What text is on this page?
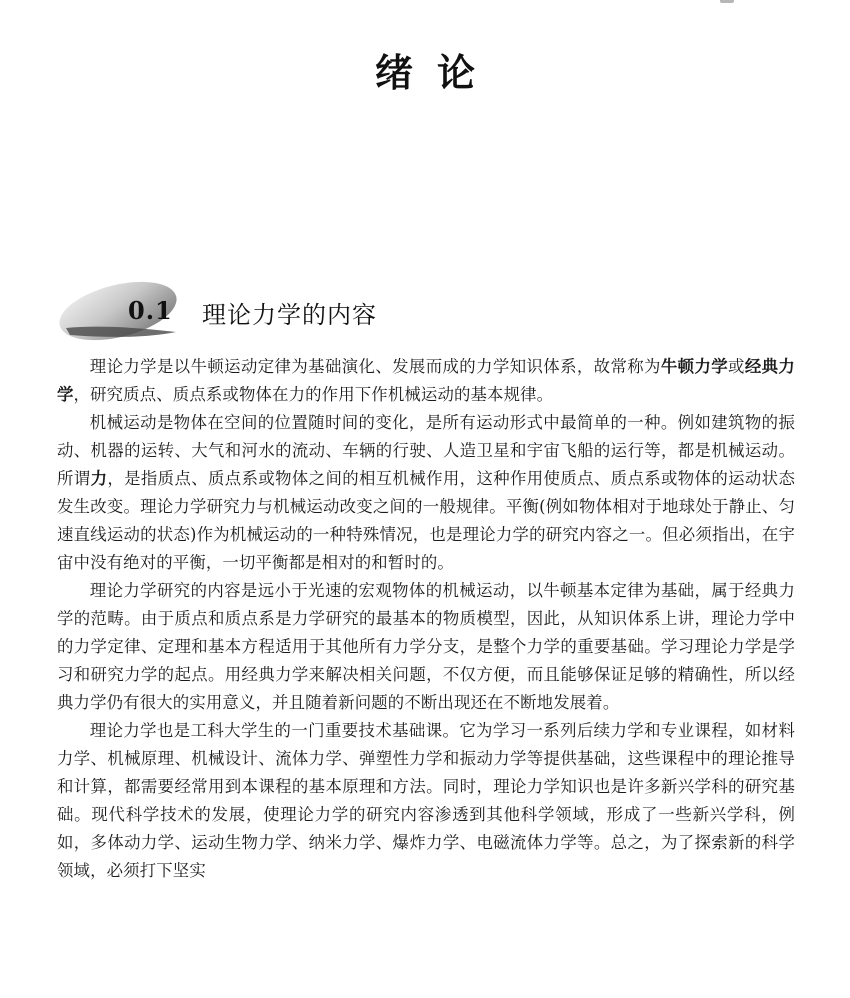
绪论
0.1 理论力学的内容

理论力学是以牛顿运动定律为基础演化、发展而成的力学知识体系，故常称为牛顿力学或经典力学，研究质点、质点系或物体在力的作用下作机械运动的基本规律。

机械运动是物体在空间的位置随时间的变化，是所有运动形式中最简单的一种。例如建筑物的振动、机器的运转、大气和河水的流动、车辆的行驶、人造卫星和宇宙飞船的运行等，都是机械运动。所谓力，是指质点、质点系或物体之间的相互机械作用，这种作用使质点、质点系或物体的运动状态发生改变。理论力学研究力与机械运动改变之间的一般规律。平衡(例如物体相对于地球处于静止、匀速直线运动的状态)作为机械运动的一种特殊情况，也是理论力学的研究内容之一。但必须指出，在宇宙中没有绝对的平衡，一切平衡都是相对的和暂时的。

理论力学研究的内容是远小于光速的宏观物体的机械运动，以牛顿基本定律为基础，属于经典力学的范畴。由于质点和质点系是力学研究的最基本的物质模型，因此，从知识体系上讲，理论力学中的力学定律、定理和基本方程适用于其他所有力学分支，是整个力学的重要基础。学习理论力学是学习和研究力学的起点。用经典力学来解决相关问题，不仅方便，而且能够保证足够的精确性，所以经典力学仍有很大的实用意义，并且随着新问题的不断出现还在不断地发展着。

理论力学也是工科大学生的一门重要技术基础课。它为学习一系列后续力学和专业课程，如材料力学、机械原理、机械设计、流体力学、弹塑性力学和振动力学等提供基础，这些课程中的理论推导和计算，都需要经常用到本课程的基本原理和方法。同时，理论力学知识也是许多新兴学科的研究基础。现代科学技术的发展，使理论力学的研究内容渗透到其他科学领域，形成了一些新兴学科，例如，多体动力学、运动生物力学、纳米力学、爆炸力学、电磁流体力学等。总之，为了探索新的科学领域，必须打下坚实
